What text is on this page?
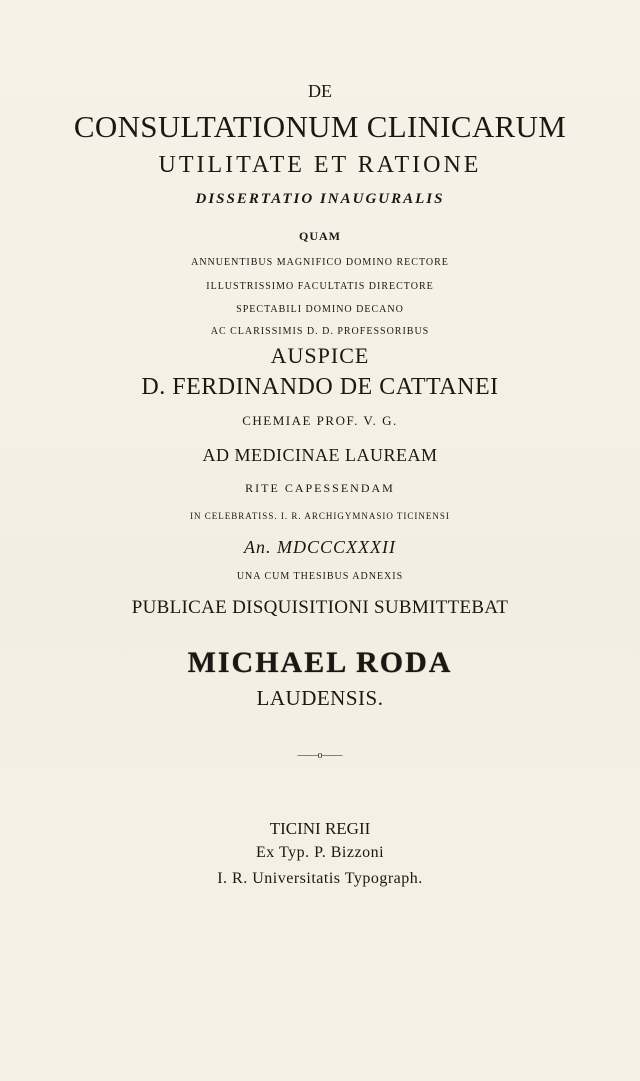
DE
CONSULTATIONUM CLINICARUM
UTILITATE ET RATIONE
DISSERTATIO INAUGURALIS
QUAM
ANNUENTIBUS MAGNIFICO DOMINO RECTORE
ILLUSTRISSIMO FACULTATIS DIRECTORE
SPECTABILI DOMINO DECANO
AC CLARISSIMIS D. D. PROFESSORIBUS
AUSPICE
D. FERDINANDO DE CATTANEI
CHEMIAE PROF. V. G.
AD MEDICINAE LAUREAM
RITE CAPESSENDAM
IN CELEBRATISS. I. R. ARCHIGYMNASIO TICINENSI
An. MDCCCXXXII
UNA CUM THESIBUS ADNEXIS
PUBLICAE DISQUISITIONI SUBMITTEBAT
MICHAEL RODA
LAUDENSIS.
——o——
TICINI REGII
Ex Typ. P. Bizzoni
I. R. Universitatis Typograph.
